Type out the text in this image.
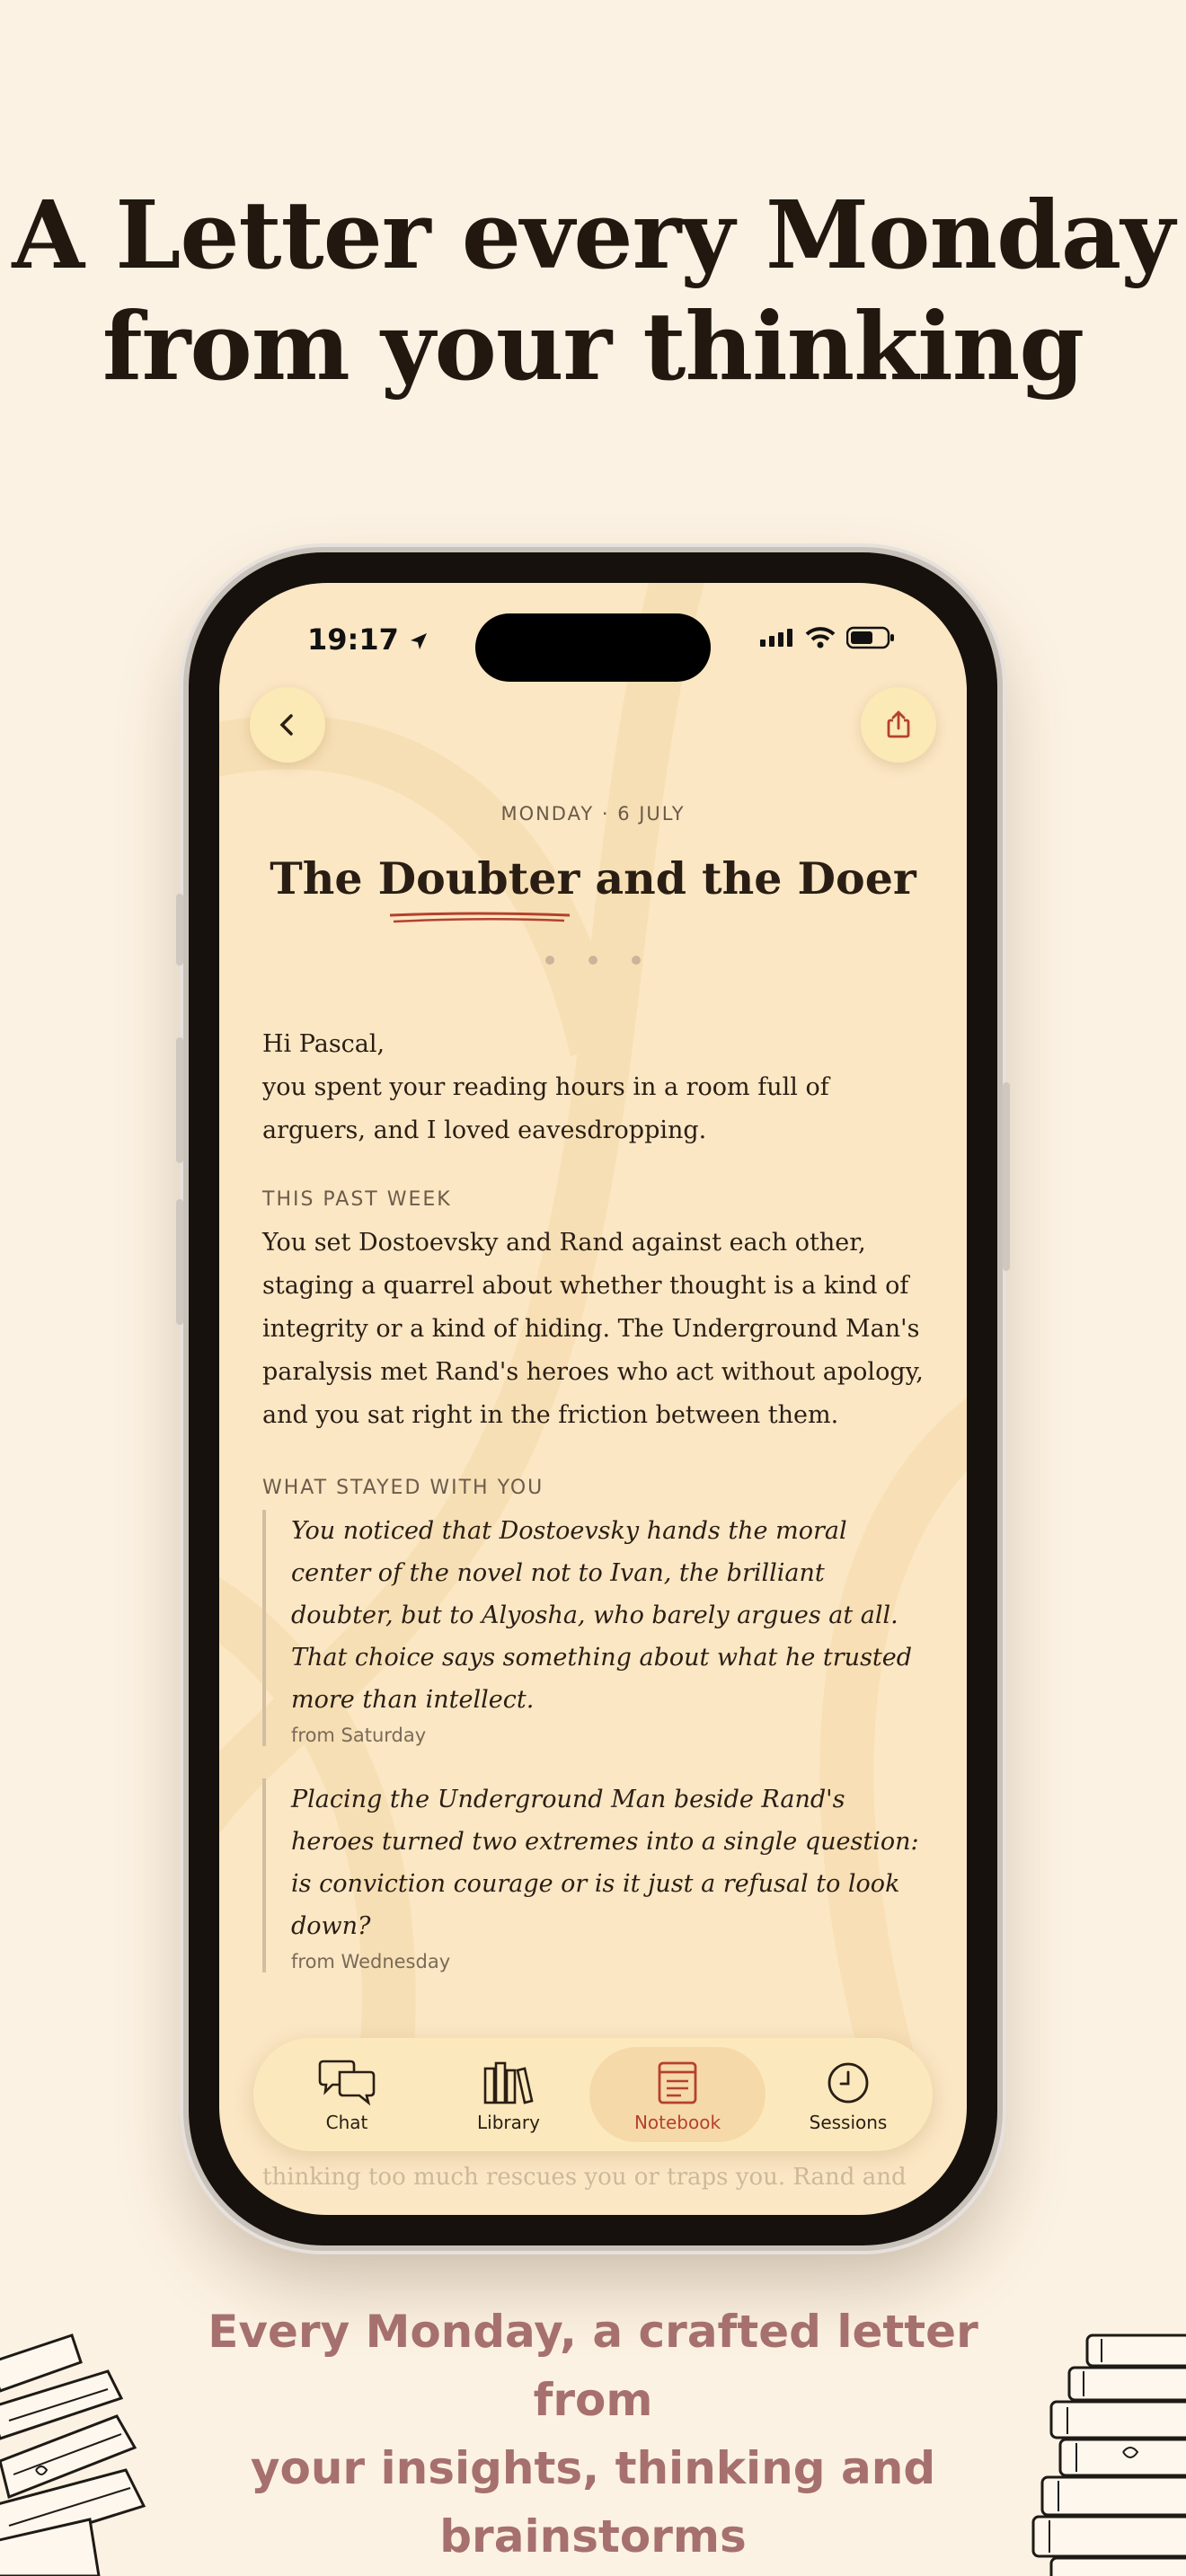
A Letter every Monday
from your thinking
19:17
MONDAY · 6 JULY
The Doubter and the Doer

Hi Pascal,

you spent your reading hours in a room full of arguers, and I loved eavesdropping.

THIS PAST WEEK

You set Dostoevsky and Rand against each other, staging a quarrel about whether thought is a kind of integrity or a kind of hiding. The Underground Man's paralysis met Rand's heroes who act without apology, and you sat right in the friction between them.

WHAT STAYED WITH YOU

You noticed that Dostoevsky hands the moral center of the novel not to Ivan, the brilliant doubter, but to Alyosha, who barely argues at all. That choice says something about what he trusted more than intellect.

from Saturday

Placing the Underground Man beside Rand's heroes turned two extremes into a single question: is conviction courage or is it just a refusal to look down?

from Wednesday
thinking too much rescues you or traps you. Rand and
Chat	Library	Notebook	Sessions
Every Monday, a crafted letter from
your insights, thinking and
brainstorms
